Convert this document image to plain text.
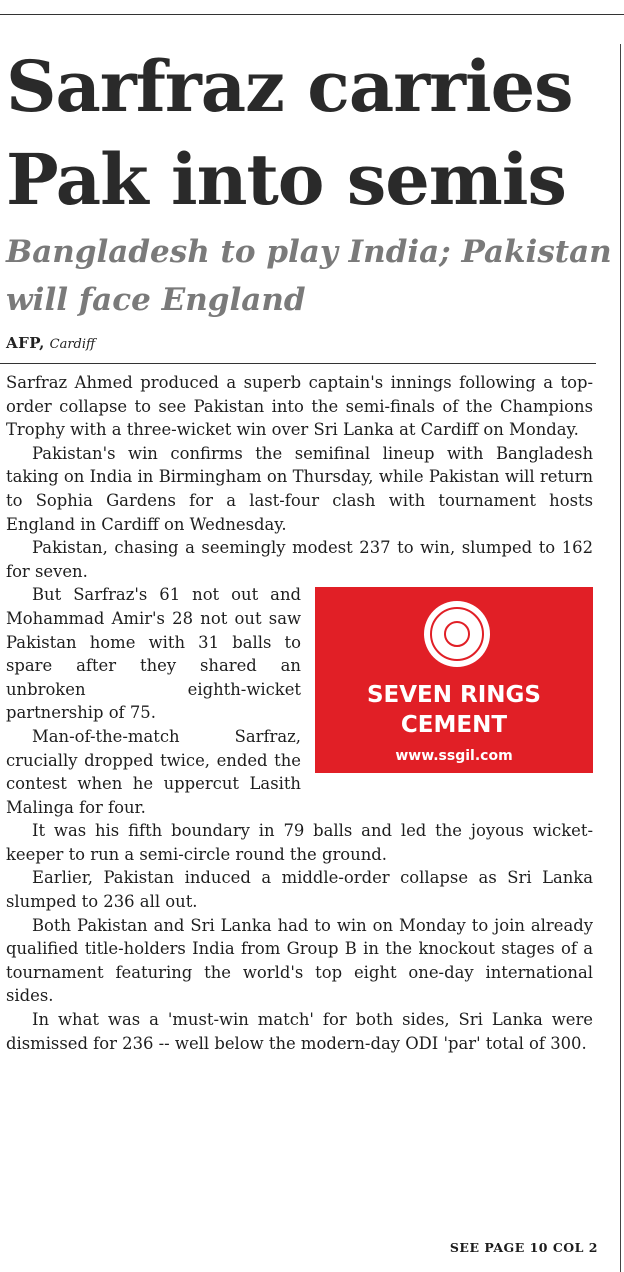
Sarfraz carries Pak into semis
Bangladesh to play India; Pakistan will face England
AFP, Cardiff

Sarfraz Ahmed produced a superb captain's innings following a top-order collapse to see Pakistan into the semi-finals of the Champions Trophy with a three-wicket win over Sri Lanka at Cardiff on Monday.

Pakistan's win confirms the semifinal lineup with Bangladesh taking on India in Birmingham on Thursday, while Pakistan will return to Sophia Gardens for a last-four clash with tournament hosts England in Cardiff on Wednesday.

Pakistan, chasing a seemingly modest 237 to win, slumped to 162 for seven.

SEVEN RINGS
CEMENT
www.ssgil.com

But Sarfraz's 61 not out and Mohammad Amir's 28 not out saw Pakistan home with 31 balls to spare after they shared an unbroken eighth-wicket partnership of 75.

Man-of-the-match Sarfraz, crucially dropped twice, ended the contest when he uppercut Lasith Malinga for four.

It was his fifth boundary in 79 balls and led the joyous wicket-keeper to run a semi-circle round the ground.

Earlier, Pakistan induced a middle-order collapse as Sri Lanka slumped to 236 all out.

Both Pakistan and Sri Lanka had to win on Monday to join already qualified title-holders India from Group B in the knockout stages of a tournament featuring the world's top eight one-day international sides.

In what was a 'must-win match' for both sides, Sri Lanka were dismissed for 236 -- well below the modern-day ODI 'par' total of 300.

SEE PAGE 10 COL 2
